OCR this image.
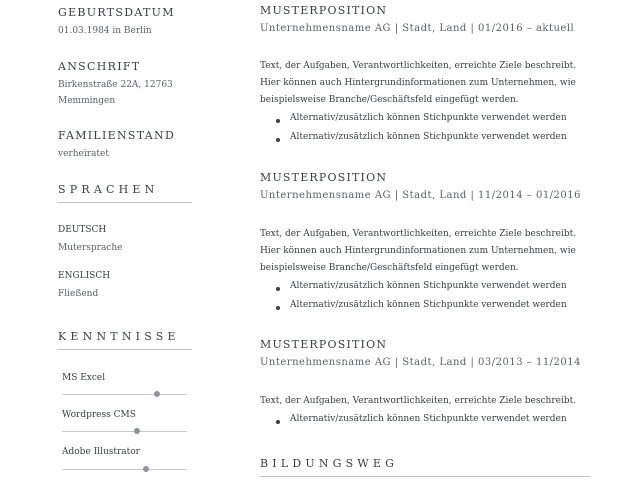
GEBURTSDATUM
01.03.1984 in Berlin
ANSCHRIFT
Birkenstraße 22A, 12763
Memmingen
FAMILIENSTAND
verheiratet
SPRACHEN
DEUTSCH
Mutersprache
ENGLISCH
Fließend
KENNTNISSE
MS Excel
Wordpress CMS
Adobe Illustrator
MUSTERPOSITION
Unternehmensname AG | Stadt, Land | 01/2016 – aktuell
Text, der Aufgaben, Verantwortlichkeiten, erreichte Ziele beschreibt.
Hier können auch Hintergrundinformationen zum Unternehmen, wie
beispielsweise Branche/Geschäftsfeld eingefügt werden.
Alternativ/zusätzlich können Stichpunkte verwendet werden
Alternativ/zusätzlich können Stichpunkte verwendet werden
MUSTERPOSITION
Unternehmensname AG | Stadt, Land | 11/2014 – 01/2016
Text, der Aufgaben, Verantwortlichkeiten, erreichte Ziele beschreibt.
Hier können auch Hintergrundinformationen zum Unternehmen, wie
beispielsweise Branche/Geschäftsfeld eingefügt werden.
Alternativ/zusätzlich können Stichpunkte verwendet werden
Alternativ/zusätzlich können Stichpunkte verwendet werden
MUSTERPOSITION
Unternehmensname AG | Stadt, Land | 03/2013 – 11/2014
Text, der Aufgaben, Verantwortlichkeiten, erreichte Ziele beschreibt.
Alternativ/zusätzlich können Stichpunkte verwendet werden
BILDUNGSWEG
